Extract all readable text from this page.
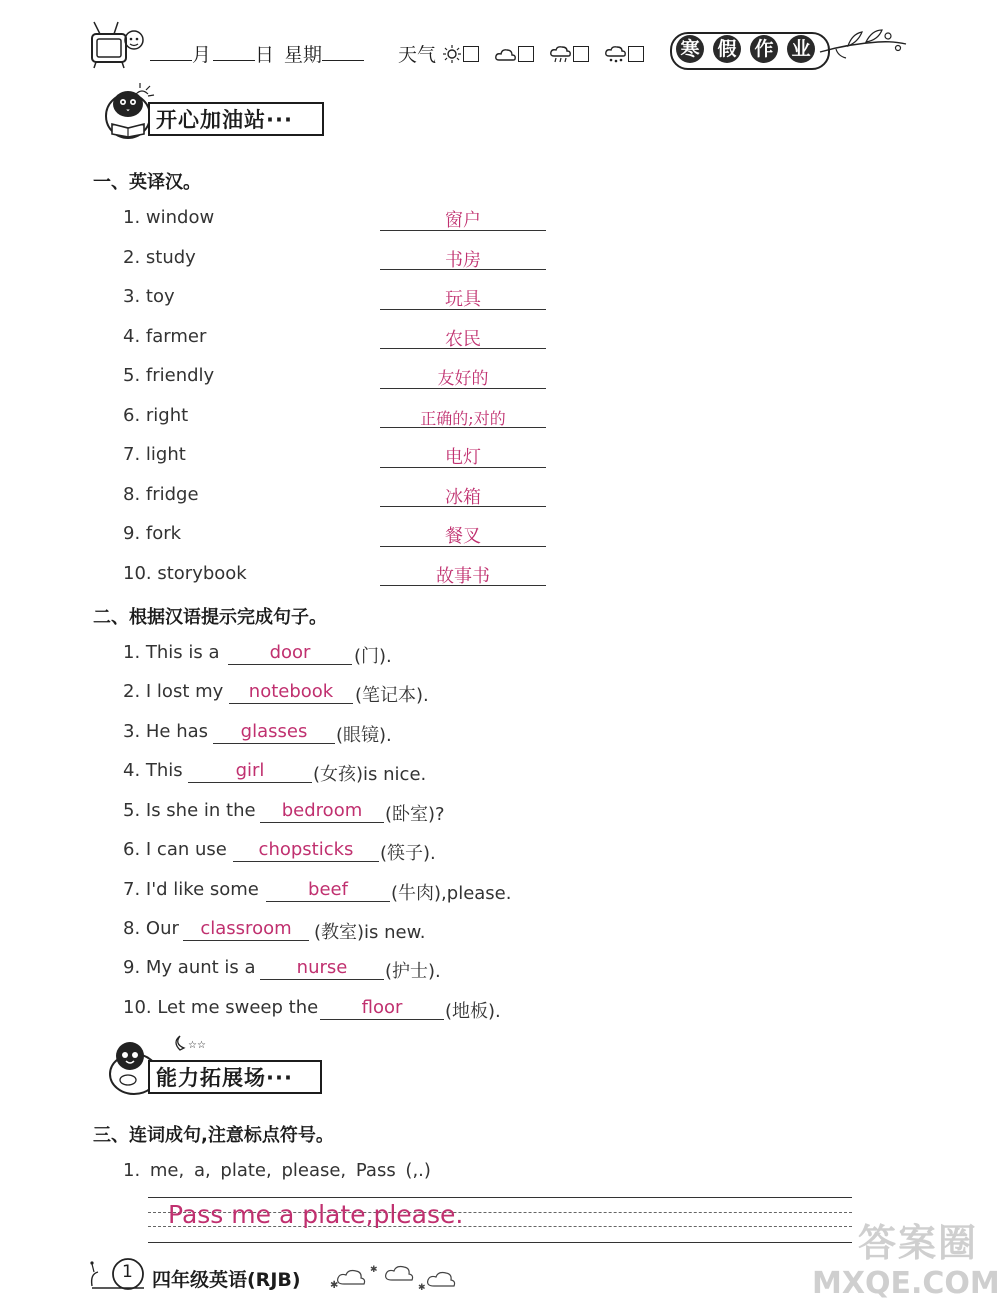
月 日 星期	天气	寒 假 作 业
开心加油站···
一、英译汉。
1. window	窗户
2. study	书房
3. toy	玩具
4. farmer	农民
5. friendly	友好的
6. right	正确的;对的
7. light	电灯
8. fridge	冰箱
9. fork	餐叉
10. storybook	故事书
二、根据汉语提示完成句子。
1. This is a	door	(门).
2. I lost my	notebook	(笔记本).
3. He has	glasses	(眼镜).
4. This	girl	(女孩)is nice.
5. Is she in the	bedroom	(卧室)?
6. I can use	chopsticks	(筷子).
7. I'd like some	beef	(牛肉),please.
8. Our	classroom	(教室)is new.
9. My aunt is a	nurse	(护士).
10. Let me sweep the	floor	(地板).
☆☆
能力拓展场···
三、连词成句,注意标点符号。
1. me, a, plate, please, Pass (,.)
Pass me a plate,please.
1 四年级英语(RJB)	✱
✱
✱
答案圈
MXQE.COM
